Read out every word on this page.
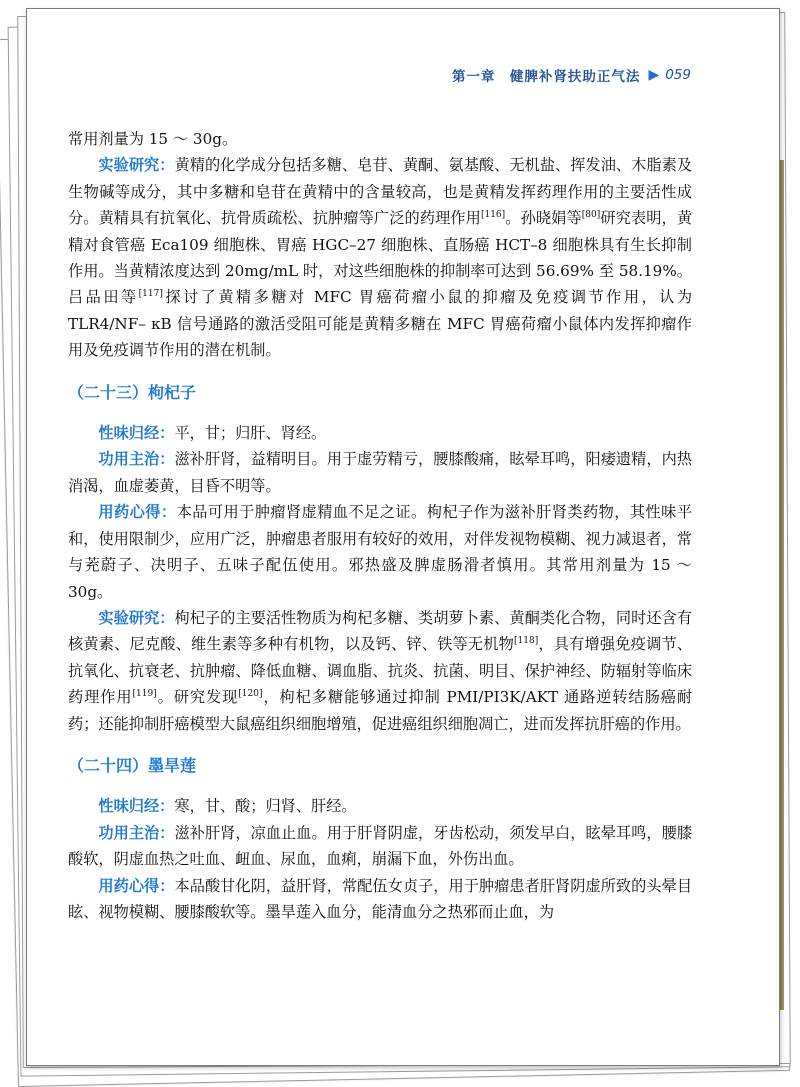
第一章　健脾补肾扶助正气法 ▶ 059

常用剂量为 15 ～ 30g。

实验研究：黄精的化学成分包括多糖、皂苷、黄酮、氨基酸、无机盐、挥发油、木脂素及生物碱等成分，其中多糖和皂苷在黄精中的含量较高，也是黄精发挥药理作用的主要活性成分。黄精具有抗氧化、抗骨质疏松、抗肿瘤等广泛的药理作用[116]。孙晓娟等[80]研究表明，黄精对食管癌 Eca109 细胞株、胃癌 HGC–27 细胞株、直肠癌 HCT–8 细胞株具有生长抑制作用。当黄精浓度达到 20mg/mL 时，对这些细胞株的抑制率可达到 56.69% 至 58.19%。吕品田等[117]探讨了黄精多糖对 MFC 胃癌荷瘤小鼠的抑瘤及免疫调节作用，认为 TLR4/NF– κB 信号通路的激活受阻可能是黄精多糖在 MFC 胃癌荷瘤小鼠体内发挥抑瘤作用及免疫调节作用的潜在机制。

（二十三）枸杞子

性味归经：平，甘；归肝、肾经。

功用主治：滋补肝肾，益精明目。用于虚劳精亏，腰膝酸痛，眩晕耳鸣，阳痿遗精，内热消渴，血虚萎黄，目昏不明等。

用药心得：本品可用于肿瘤肾虚精血不足之证。枸杞子作为滋补肝肾类药物，其性味平和，使用限制少，应用广泛，肿瘤患者服用有较好的效用，对伴发视物模糊、视力减退者，常与茺蔚子、决明子、五味子配伍使用。邪热盛及脾虚肠滑者慎用。其常用剂量为 15 ～ 30g。

实验研究：枸杞子的主要活性物质为枸杞多糖、类胡萝卜素、黄酮类化合物，同时还含有核黄素、尼克酸、维生素等多种有机物，以及钙、锌、铁等无机物[118]，具有增强免疫调节、抗氧化、抗衰老、抗肿瘤、降低血糖、调血脂、抗炎、抗菌、明目、保护神经、防辐射等临床药理作用[119]。研究发现[120]，枸杞多糖能够通过抑制 PMI/PI3K/AKT 通路逆转结肠癌耐药；还能抑制肝癌模型大鼠癌组织细胞增殖，促进癌组织细胞凋亡，进而发挥抗肝癌的作用。

（二十四）墨旱莲

性味归经：寒，甘、酸；归肾、肝经。

功用主治：滋补肝肾，凉血止血。用于肝肾阴虚，牙齿松动，须发早白，眩晕耳鸣，腰膝酸软，阴虚血热之吐血、衄血、尿血，血痢，崩漏下血，外伤出血。

用药心得：本品酸甘化阴，益肝肾，常配伍女贞子，用于肿瘤患者肝肾阴虚所致的头晕目眩、视物模糊、腰膝酸软等。墨旱莲入血分，能清血分之热邪而止血，为
